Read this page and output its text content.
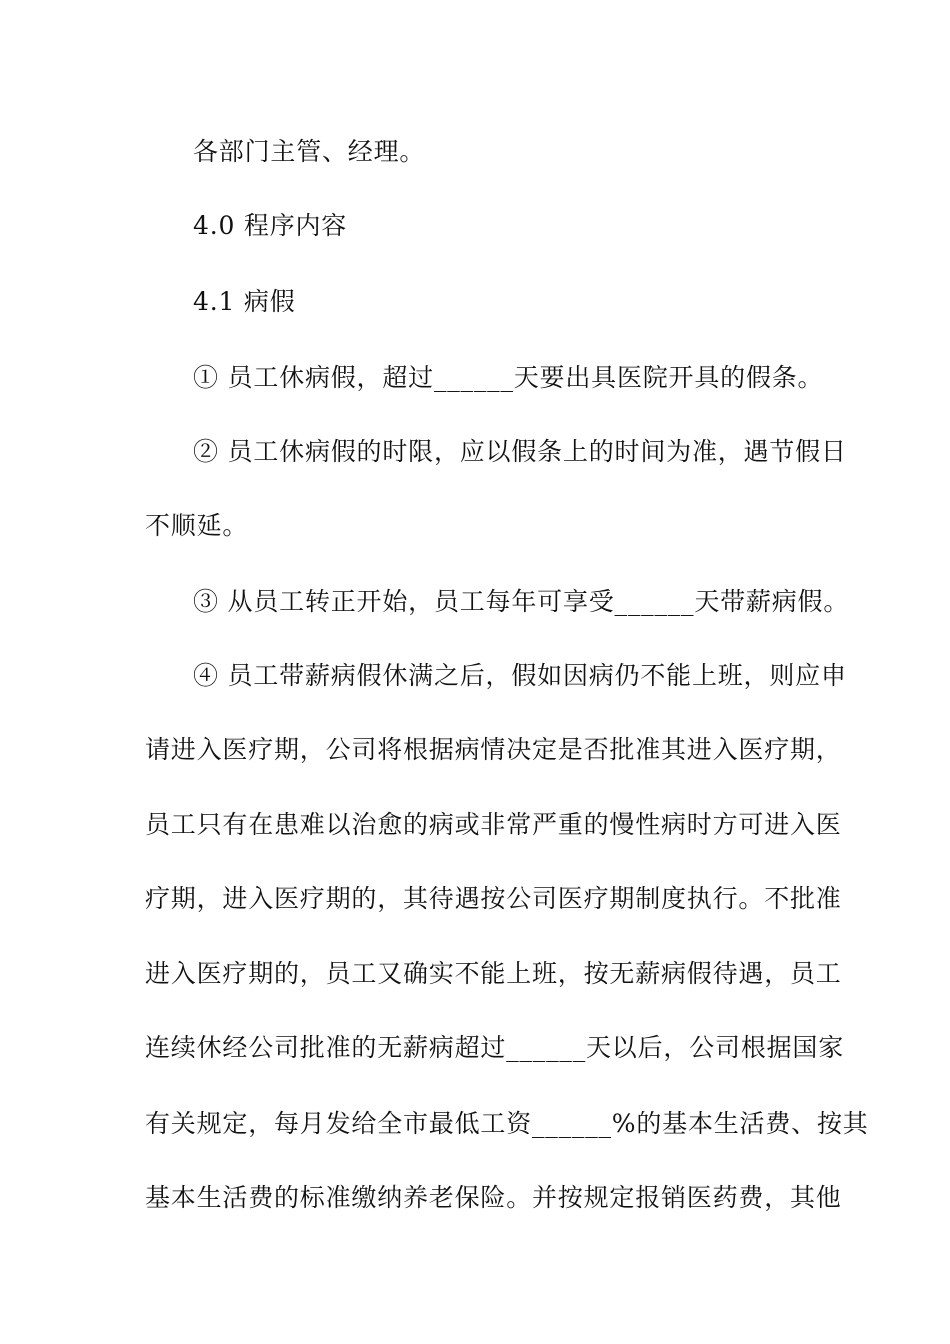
各部门主管、经理。
4.0 程序内容
4.1 病假
① 员工休病假，超过______天要出具医院开具的假条。
② 员工休病假的时限，应以假条上的时间为准，遇节假日
不顺延。
③ 从员工转正开始，员工每年可享受______天带薪病假。
④ 员工带薪病假休满之后，假如因病仍不能上班，则应申
请进入医疗期，公司将根据病情决定是否批准其进入医疗期，
员工只有在患难以治愈的病或非常严重的慢性病时方可进入医
疗期，进入医疗期的，其待遇按公司医疗期制度执行。不批准
进入医疗期的，员工又确实不能上班，按无薪病假待遇，员工
连续休经公司批准的无薪病超过______天以后，公司根据国家
有关规定，每月发给全市最低工资______%的基本生活费、按其
基本生活费的标准缴纳养老保险。并按规定报销医药费，其他
